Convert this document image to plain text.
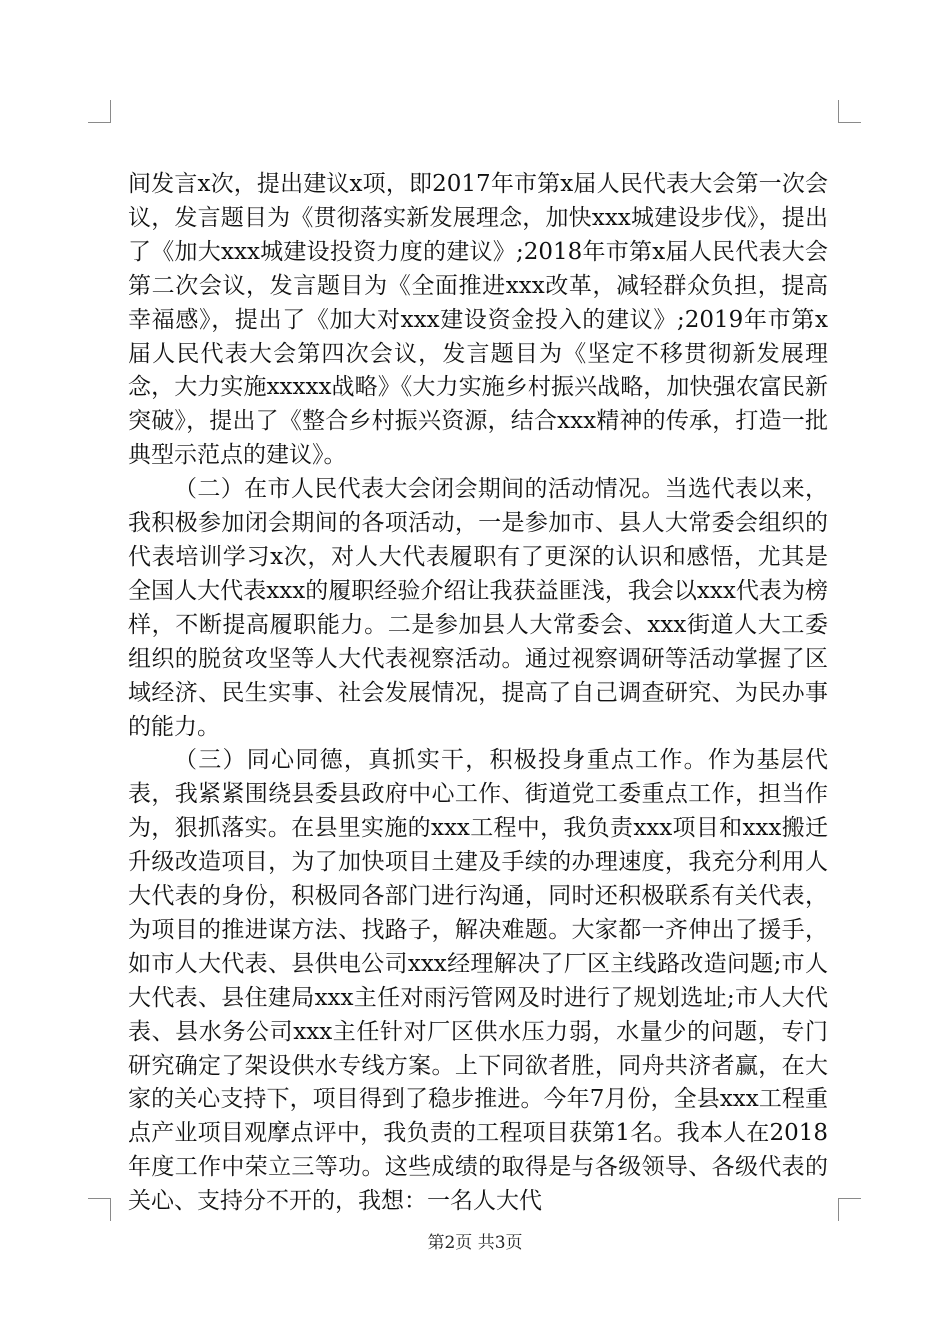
间发言x次，提出建议x项，即2017年市第x届人民代表大会第一次会议，发言题目为《贯彻落实新发展理念，加快xxx城建设步伐》，提出了《加大xxx城建设投资力度的建议》;2018年市第x届人民代表大会第二次会议，发言题目为《全面推进xxx改革，减轻群众负担，提高幸福感》，提出了《加大对xxx建设资金投入的建议》;2019年市第x届人民代表大会第四次会议，发言题目为《坚定不移贯彻新发展理念，大力实施xxxxx战略》《大力实施乡村振兴战略，加快强农富民新突破》，提出了《整合乡村振兴资源，结合xxx精神的传承，打造一批典型示范点的建议》。

（二）在市人民代表大会闭会期间的活动情况。当选代表以来，我积极参加闭会期间的各项活动，一是参加市、县人大常委会组织的代表培训学习x次，对人大代表履职有了更深的认识和感悟，尤其是全国人大代表xxx的履职经验介绍让我获益匪浅，我会以xxx代表为榜样，不断提高履职能力。二是参加县人大常委会、xxx街道人大工委组织的脱贫攻坚等人大代表视察活动。通过视察调研等活动掌握了区域经济、民生实事、社会发展情况，提高了自己调查研究、为民办事的能力。

（三）同心同德，真抓实干，积极投身重点工作。作为基层代表，我紧紧围绕县委县政府中心工作、街道党工委重点工作，担当作为，狠抓落实。在县里实施的xxx工程中，我负责xxx项目和xxx搬迁升级改造项目，为了加快项目土建及手续的办理速度，我充分利用人大代表的身份，积极同各部门进行沟通，同时还积极联系有关代表，为项目的推进谋方法、找路子，解决难题。大家都一齐伸出了援手，如市人大代表、县供电公司xxx经理解决了厂区主线路改造问题;市人大代表、县住建局xxx主任对雨污管网及时进行了规划选址;市人大代表、县水务公司xxx主任针对厂区供水压力弱，水量少的问题，专门研究确定了架设供水专线方案。上下同欲者胜，同舟共济者赢，在大家的关心支持下，项目得到了稳步推进。今年7月份，全县xxx工程重点产业项目观摩点评中，我负责的工程项目获第1名。我本人在2018年度工作中荣立三等功。这些成绩的取得是与各级领导、各级代表的关心、支持分不开的，我想：一名人大代

第2页 共3页
